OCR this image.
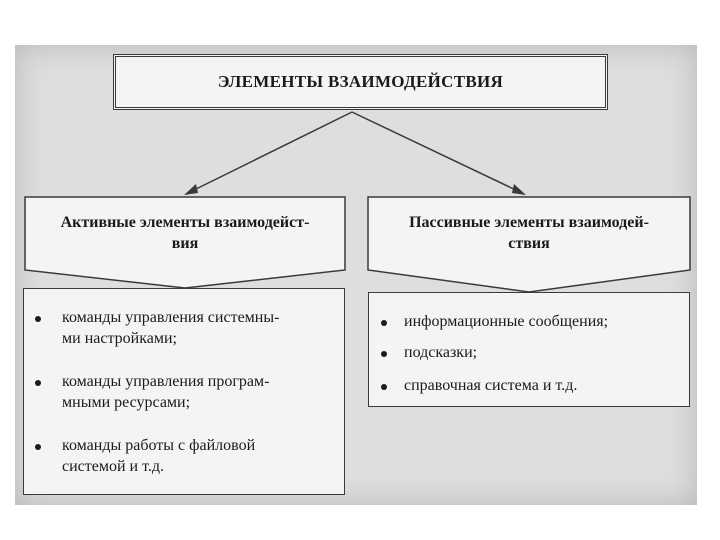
ЭЛЕМЕНТЫ ВЗАИМОДЕЙСТВИЯ
Активные элементы взаимодейст-
вия
Пассивные элементы взаимодей-
ствия
команды управления системны-
ми настройками;
команды управления програм-
мными ресурсами;
команды работы с файловой
системой и т.д.
информационные сообщения;
подсказки;
справочная система и т.д.
